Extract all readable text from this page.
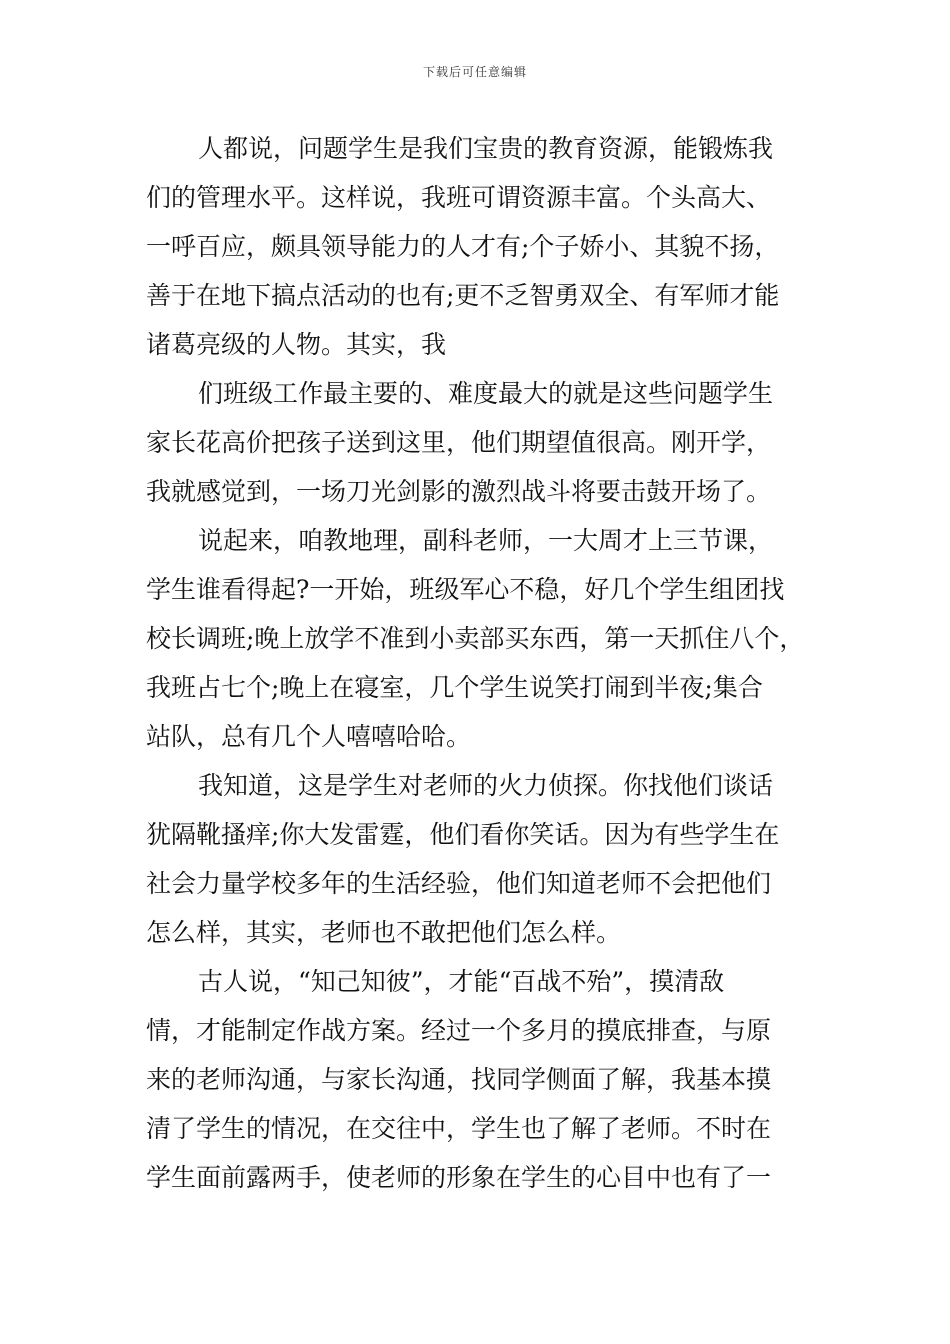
下载后可任意编辑
人都说，问题学生是我们宝贵的教育资源，能锻炼我
们的管理水平。这样说，我班可谓资源丰富。个头高大、
一呼百应，颇具领导能力的人才有;个子娇小、其貌不扬，
善于在地下搞点活动的也有;更不乏智勇双全、有军师才能
诸葛亮级的人物。其实，我
们班级工作最主要的、难度最大的就是这些问题学生
家长花高价把孩子送到这里，他们期望值很高。刚开学，
我就感觉到，一场刀光剑影的激烈战斗将要击鼓开场了。
说起来，咱教地理，副科老师，一大周才上三节课，
学生谁看得起?一开始，班级军心不稳，好几个学生组团找
校长调班;晚上放学不准到小卖部买东西，第一天抓住八个，
我班占七个;晚上在寝室，几个学生说笑打闹到半夜;集合
站队，总有几个人嘻嘻哈哈。
我知道，这是学生对老师的火力侦探。你找他们谈话
犹隔靴搔痒;你大发雷霆，他们看你笑话。因为有些学生在
社会力量学校多年的生活经验，他们知道老师不会把他们
怎么样，其实，老师也不敢把他们怎么样。
古人说，“知己知彼”，才能“百战不殆”，摸清敌
情，才能制定作战方案。经过一个多月的摸底排查，与原
来的老师沟通，与家长沟通，找同学侧面了解，我基本摸
清了学生的情况，在交往中，学生也了解了老师。不时在
学生面前露两手，使老师的形象在学生的心目中也有了一
